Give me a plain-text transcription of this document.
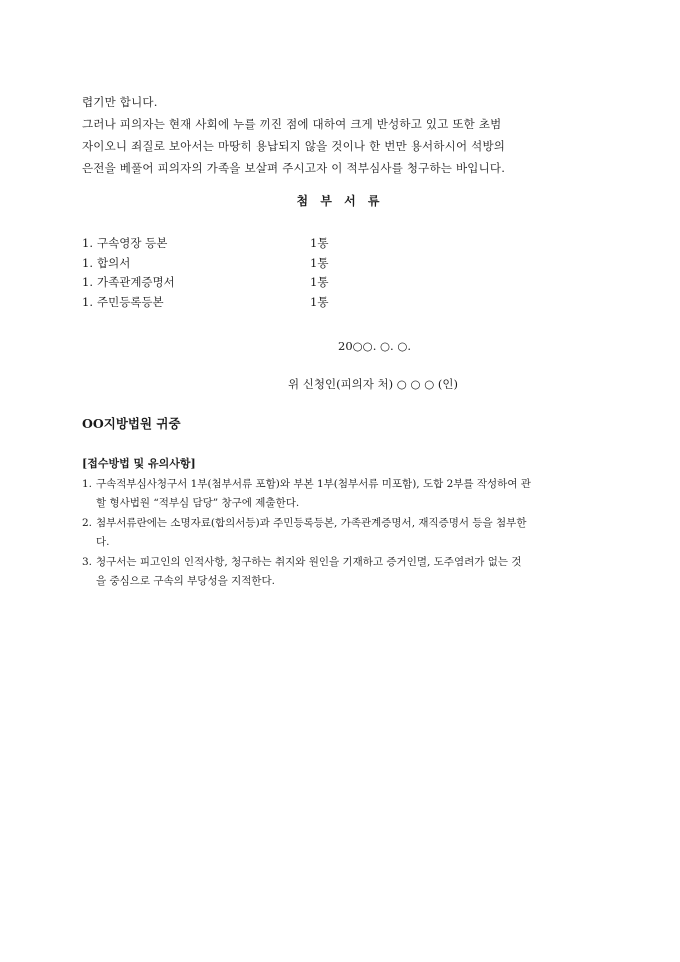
렵기만 합니다.
그러나 피의자는 현재 사회에 누를 끼진 점에 대하여 크게 반성하고 있고 또한 초범
자이오니 죄질로 보아서는 마땅히 용납되지 않을 것이나 한 번만 용서하시어 석방의
은전을 베풀어 피의자의 가족을 보살펴 주시고자 이 적부심사를 청구하는 바입니다.
첨 부 서 류
1. 구속영장 등본	1통
1. 합의서	1통
1. 가족관계증명서	1통
1. 주민등록등본	1통
20○○. ○. ○.
위 신청인(피의자 처) ○ ○ ○ (인)
OO지방법원 귀중
[접수방법 및 유의사항]
1. 구속적부심사청구서 1부(첨부서류 포함)와 부본 1부(첨부서류 미포함), 도합 2부를 작성하여 관
할 형사법원 “적부심 담당” 창구에 제출한다.
2. 첨부서류란에는 소명자료(합의서등)과 주민등록등본, 가족관계증명서, 재직증명서 등을 첨부한
다.
3. 청구서는 피고인의 인적사항, 청구하는 취지와 원인을 기재하고 증거인멸, 도주염려가 없는 것
을 중심으로 구속의 부당성을 지적한다.
